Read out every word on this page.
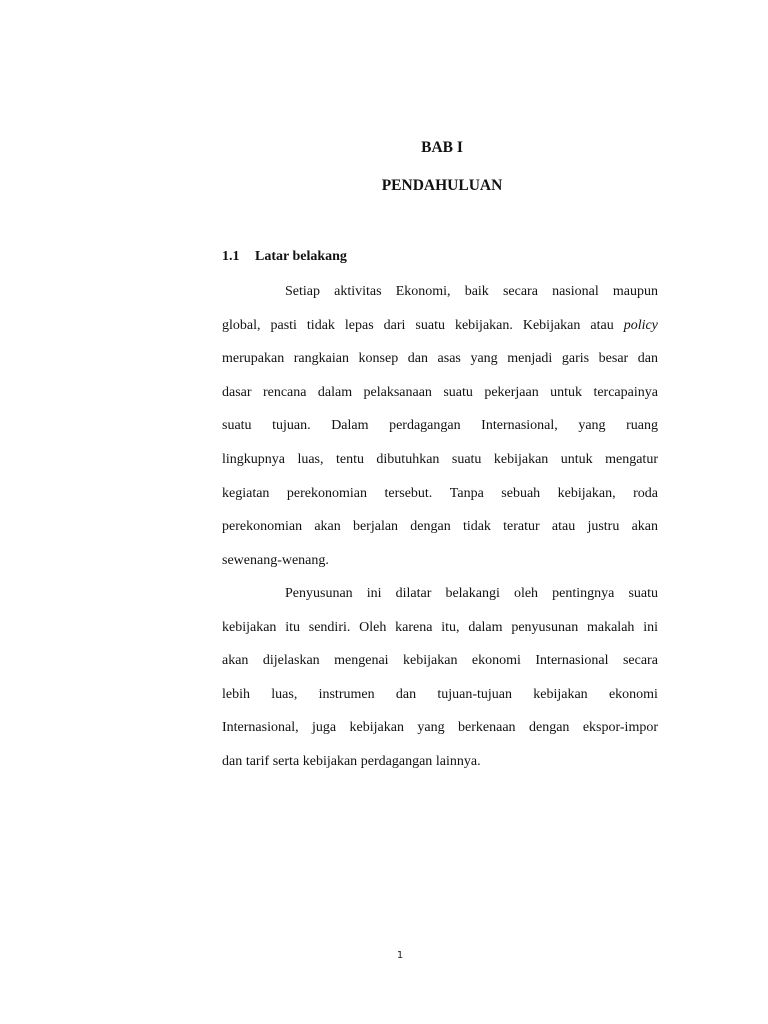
BAB I
PENDAHULUAN
1.1 Latar belakang
Setiap aktivitas Ekonomi, baik secara nasional maupun
global, pasti tidak lepas dari suatu kebijakan. Kebijakan atau policy
merupakan rangkaian konsep dan asas yang menjadi garis besar dan
dasar rencana dalam pelaksanaan suatu pekerjaan untuk tercapainya
suatu tujuan. Dalam perdagangan Internasional, yang ruang
lingkupnya luas, tentu dibutuhkan suatu kebijakan untuk mengatur
kegiatan perekonomian tersebut. Tanpa sebuah kebijakan, roda
perekonomian akan berjalan dengan tidak teratur atau justru akan
sewenang-wenang.
Penyusunan ini dilatar belakangi oleh pentingnya suatu
kebijakan itu sendiri. Oleh karena itu, dalam penyusunan makalah ini
akan dijelaskan mengenai kebijakan ekonomi Internasional secara
lebih luas, instrumen dan tujuan-tujuan kebijakan ekonomi
Internasional, juga kebijakan yang berkenaan dengan ekspor-impor
dan tarif serta kebijakan perdagangan lainnya.
1
